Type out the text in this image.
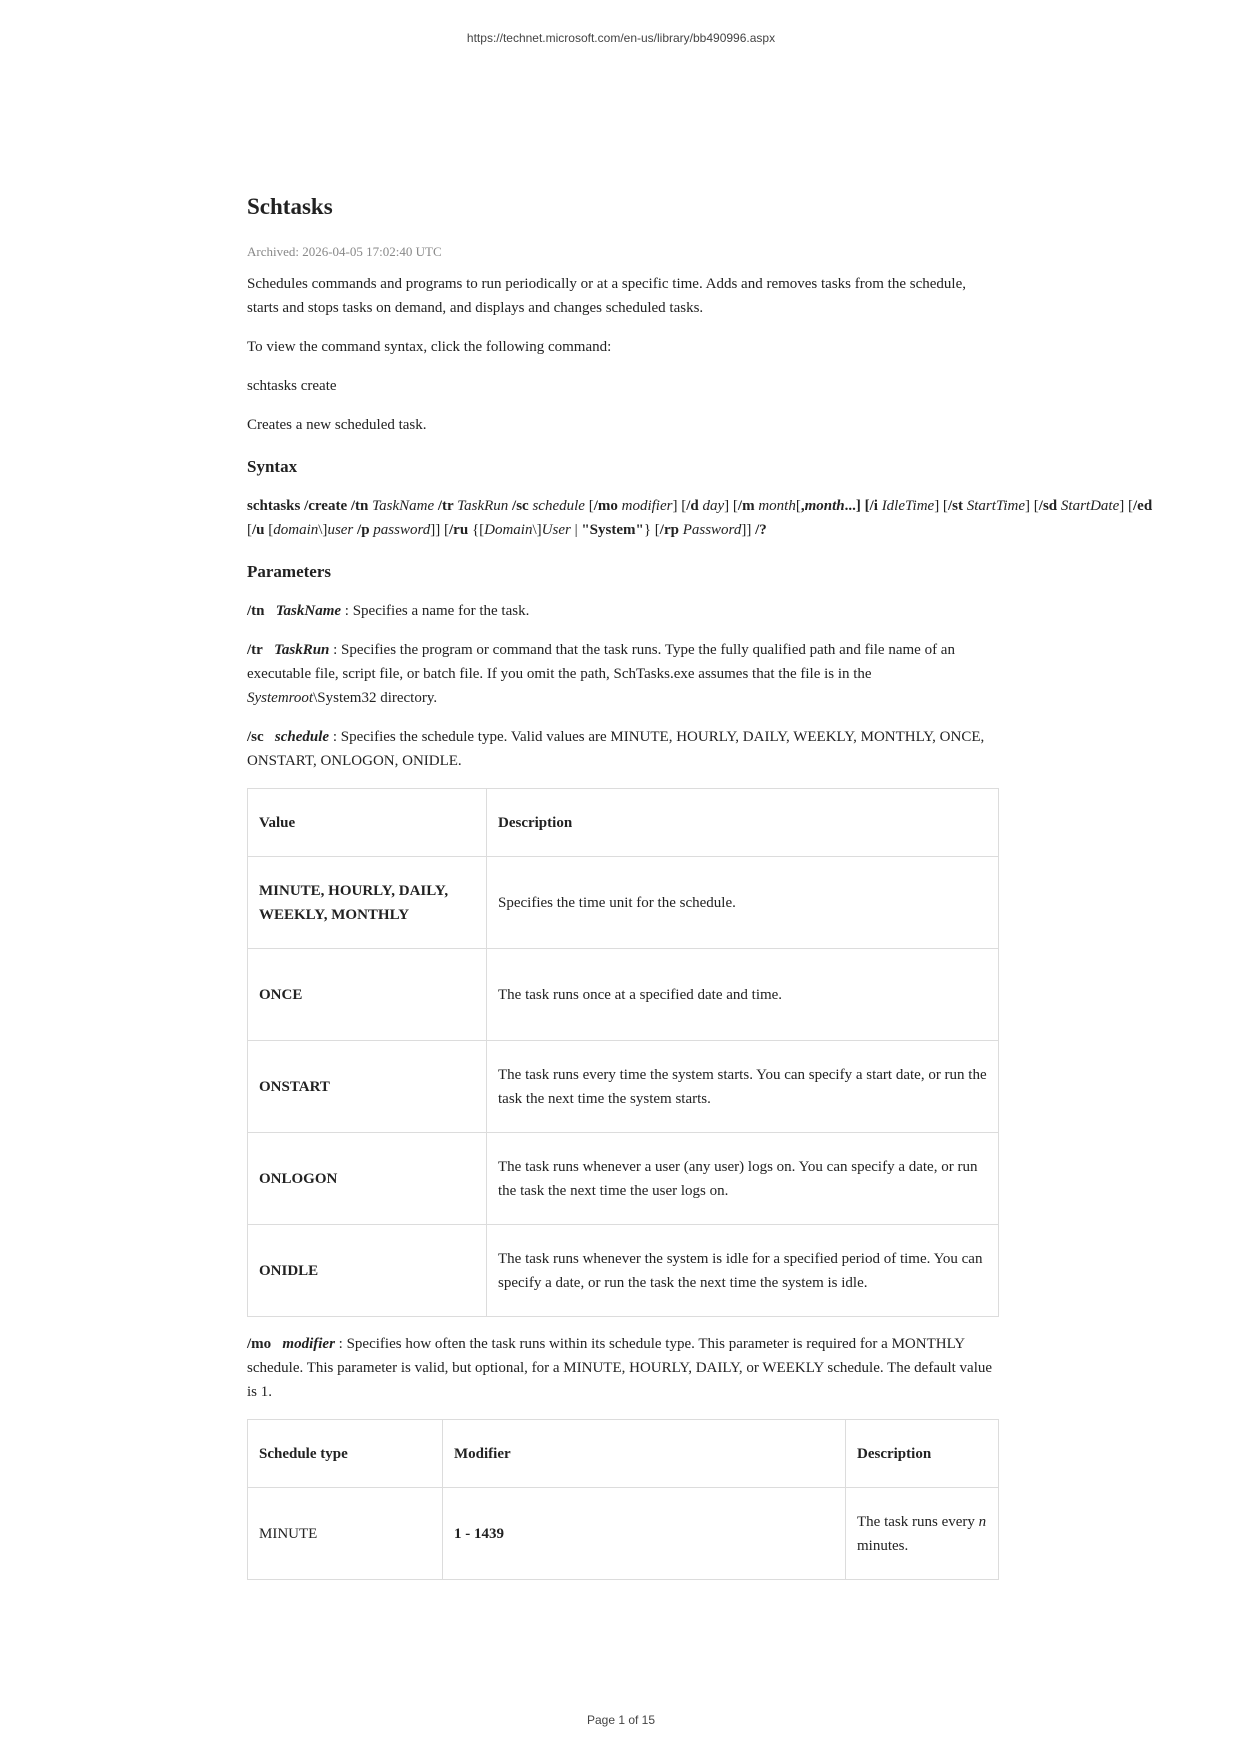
https://technet.microsoft.com/en-us/library/bb490996.aspx
Schtasks
Archived: 2026-04-05 17:02:40 UTC

Schedules commands and programs to run periodically or at a specific time. Adds and removes tasks from the schedule, starts and stops tasks on demand, and displays and changes scheduled tasks.

To view the command syntax, click the following command:

schtasks create

Creates a new scheduled task.

Syntax

schtasks /create /tn TaskName /tr TaskRun /sc schedule [/mo modifier] [/d day] [/m month[,month...] [/i IdleTime] [/st StartTime] [/sd StartDate] [/ed [/u [domain\]user /p password]] [/ru {[Domain\]User | "System"} [/rp Password]] /?

Parameters

/tn TaskName : Specifies a name for the task.

/tr TaskRun : Specifies the program or command that the task runs. Type the fully qualified path and file name of an executable file, script file, or batch file. If you omit the path, SchTasks.exe assumes that the file is in the Systemroot\System32 directory.

/sc schedule : Specifies the schedule type. Valid values are MINUTE, HOURLY, DAILY, WEEKLY, MONTHLY, ONCE, ONSTART, ONLOGON, ONIDLE.

Value	Description
MINUTE, HOURLY, DAILY, WEEKLY, MONTHLY	Specifies the time unit for the schedule.
ONCE	The task runs once at a specified date and time.
ONSTART	The task runs every time the system starts. You can specify a start date, or run the task the next time the system starts.
ONLOGON	The task runs whenever a user (any user) logs on. You can specify a date, or run the task the next time the user logs on.
ONIDLE	The task runs whenever the system is idle for a specified period of time. You can specify a date, or run the task the next time the system is idle.

/mo modifier : Specifies how often the task runs within its schedule type. This parameter is required for a MONTHLY schedule. This parameter is valid, but optional, for a MINUTE, HOURLY, DAILY, or WEEKLY schedule. The default value is 1.

Schedule type	Modifier	Description
MINUTE	1 - 1439	The task runs every n minutes.
Page 1 of 15
